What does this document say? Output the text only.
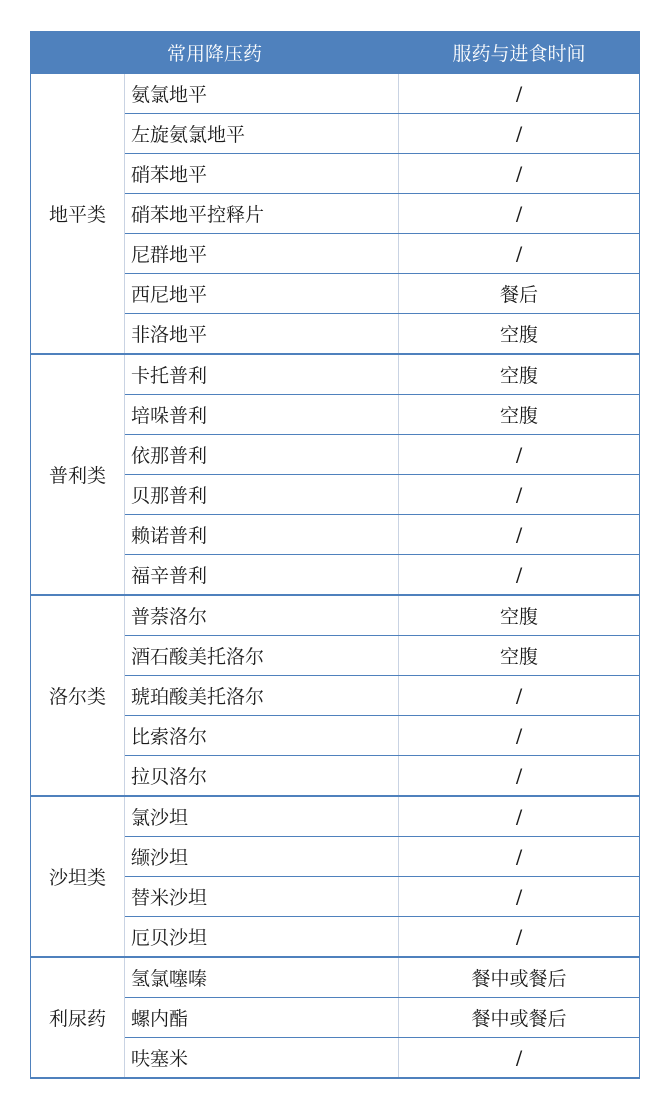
常用降压药		服药与进食时间
地平类	氨氯地平	/
	左旋氨氯地平	/
	硝苯地平	/
	硝苯地平控释片	/
	尼群地平	/
	西尼地平	餐后
	非洛地平	空腹
普利类	卡托普利	空腹
	培哚普利	空腹
	依那普利	/
	贝那普利	/
	赖诺普利	/
	福辛普利	/
洛尔类	普萘洛尔	空腹
	酒石酸美托洛尔	空腹
	琥珀酸美托洛尔	/
	比索洛尔	/
	拉贝洛尔	/
沙坦类	氯沙坦	/
	缬沙坦	/
	替米沙坦	/
	厄贝沙坦	/
利尿药	氢氯噻嗪	餐中或餐后
	螺内酯	餐中或餐后
	呋塞米	/
